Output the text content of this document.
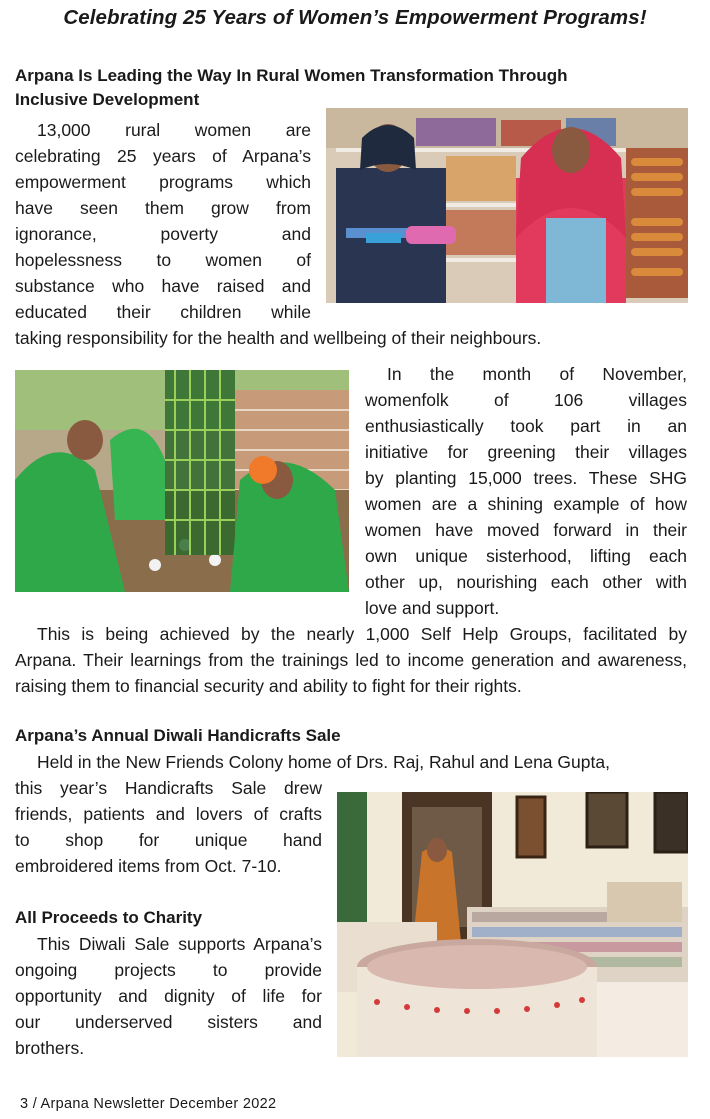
Celebrating 25 Years of Women’s Empowerment Programs!
Arpana Is Leading the Way In Rural Women Transformation Through
Inclusive Development
13,000 rural women are
celebrating 25 years of Arpana’s
empowerment programs which
have seen them grow from
ignorance, poverty and
hopelessness to women of
substance who have raised and
educated their children while
taking responsibility for the health and wellbeing of their neighbours.
In the month of November,
womenfolk of 106 villages
enthusiastically took part in an
initiative for greening their villages
by planting 15,000 trees. These SHG
women are a shining example of how
women have moved forward in their
own unique sisterhood, lifting each
other up, nourishing each other with
love and support.
This is being achieved by the nearly 1,000 Self Help Groups, facilitated by
Arpana. Their learnings from the trainings led to income generation and awareness,
raising them to financial security and ability to fight for their rights.
Arpana’s Annual Diwali Handicrafts Sale
Held in the New Friends Colony home of Drs. Raj, Rahul and Lena Gupta,
this year’s Handicrafts Sale drew
friends, patients and lovers of crafts
to shop for unique hand
embroidered items from Oct. 7-10.
All Proceeds to Charity
This Diwali Sale supports Arpana’s
ongoing projects to provide
opportunity and dignity of life for
our underserved sisters and
brothers.
3 / Arpana Newsletter December 2022
